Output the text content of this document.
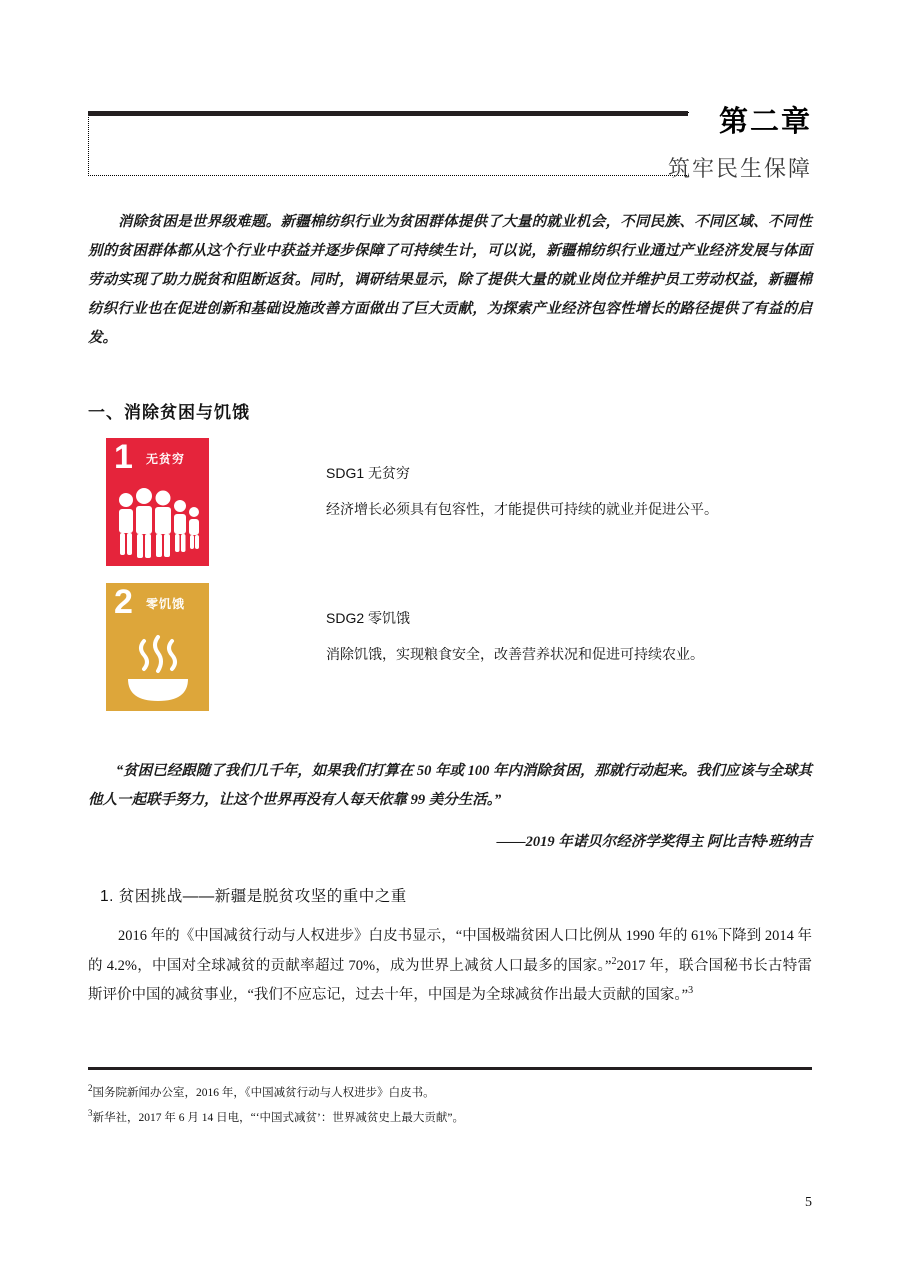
第二章
筑牢民生保障
消除贫困是世界级难题。新疆棉纺织行业为贫困群体提供了大量的就业机会，不同民族、不同区域、不同性别的贫困群体都从这个行业中获益并逐步保障了可持续生计，可以说，新疆棉纺织行业通过产业经济发展与体面劳动实现了助力脱贫和阻断返贫。同时，调研结果显示，除了提供大量的就业岗位并维护员工劳动权益，新疆棉纺织行业也在促进创新和基础设施改善方面做出了巨大贡献，为探索产业经济包容性增长的路径提供了有益的启发。
一、消除贫困与饥饿
1 无贫穷
SDG1 无贫穷
经济增长必须具有包容性，才能提供可持续的就业并促进公平。
2 零饥饿
SDG2 零饥饿
消除饥饿，实现粮食安全，改善营养状况和促进可持续农业。
“贫困已经跟随了我们几千年，如果我们打算在 50 年或 100 年内消除贫困，那就行动起来。我们应该与全球其他人一起联手努力，让这个世界再没有人每天依靠 99 美分生活。”
——2019 年诺贝尔经济学奖得主 阿比吉特·班纳吉
1. 贫困挑战——新疆是脱贫攻坚的重中之重
2016 年的《中国减贫行动与人权进步》白皮书显示，“中国极端贫困人口比例从 1990 年的 61%下降到 2014 年的 4.2%，中国对全球减贫的贡献率超过 70%，成为世界上减贫人口最多的国家。”$^2$2017 年，联合国秘书长古特雷斯评价中国的减贫事业，“我们不应忘记，过去十年，中国是为全球减贫作出最大贡献的国家。”$^3$
$^2$国务院新闻办公室，2016 年，《中国减贫行动与人权进步》白皮书。
$^3$新华社，2017 年 6 月 14 日电，“‘中国式减贫’：世界减贫史上最大贡献”。
5
